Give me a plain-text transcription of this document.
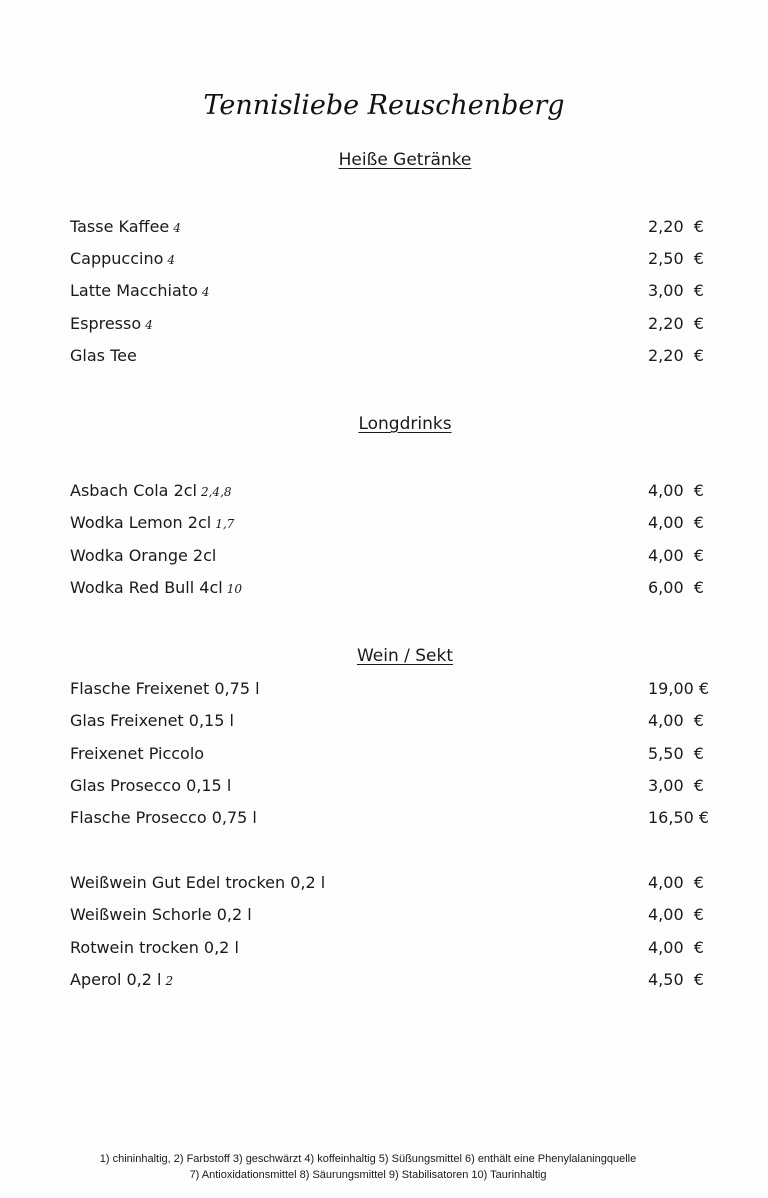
Tennisliebe Reuschenberg
Heiße Getränke
Longdrinks
Wein / Sekt
Tasse Kaffee 4	2,20  €
Cappuccino 4	2,50  €
Latte Macchiato 4	3,00  €
Espresso 4	2,20  €
Glas Tee	2,20  €
Asbach Cola 2cl 2,4,8	4,00  €
Wodka Lemon 2cl 1,7	4,00  €
Wodka Orange 2cl	4,00  €
Wodka Red Bull 4cl 10	6,00  €
Flasche Freixenet 0,75 l	19,00 €
Glas Freixenet 0,15 l	4,00  €
Freixenet Piccolo	5,50  €
Glas Prosecco 0,15 l	3,00  €
Flasche Prosecco 0,75 l	16,50 €
Weißwein Gut Edel trocken 0,2 l	4,00  €
Weißwein Schorle 0,2 l	4,00  €
Rotwein trocken 0,2 l	4,00  €
Aperol 0,2 l 2	4,50  €
1) chininhaltig, 2) Farbstoff 3) geschwärzt 4) koffeinhaltig 5) Süßungsmittel 6) enthält eine Phenylalaningquelle
7) Antioxidationsmittel 8) Säurungsmittel 9) Stabilisatoren 10) Taurinhaltig
